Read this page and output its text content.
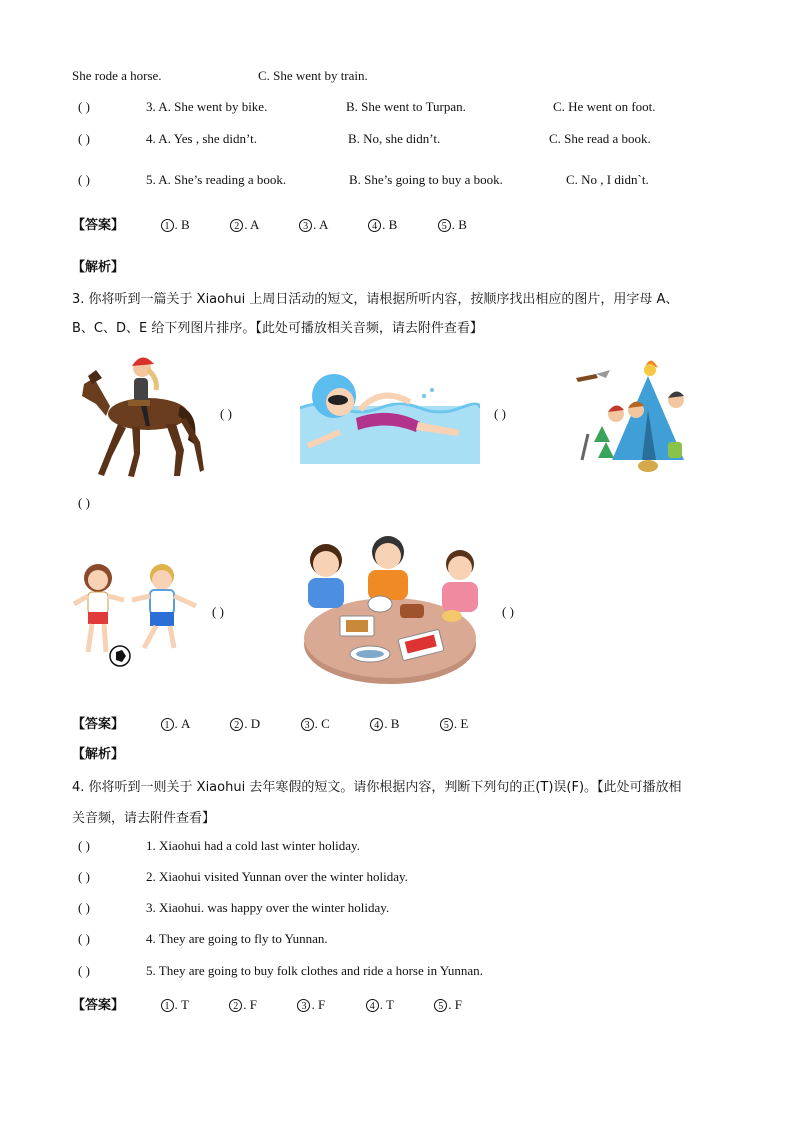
She rode a horse.	C. She went by train.
( )	3. A. She went by bike.	B. She went to Turpan.	C. He went on foot.
( )	4. A. Yes , she didn’t.	B. No, she didn’t.	C. She read a book.
( )	5. A. She’s reading a book.	B. She’s going to buy a book.	C. No , I didn`t.
【答案】	1 . B	2 . A	3 . A	4 . B	5 . B
【解析】
3. 你将听到一篇关于 Xiaohui 上周日活动的短文，请根据所听内容，按顺序找出相应的图片，用字母 A、
B、C、D、E 给下列图片排序。【此处可播放相关音频，请去附件查看】
( )	( )
( )
( )	( )
【答案】	1 . A	2 . D	3 . C	4 . B	5 . E
【解析】
4. 你将听到一则关于 Xiaohui 去年寒假的短文。请你根据内容，判断下列句的正(T)误(F)。【此处可播放相
关音频，请去附件查看】
( )	1. Xiaohui had a cold last winter holiday.
( )	2. Xiaohui visited Yunnan over the winter holiday.
( )	3. Xiaohui. was happy over the winter holiday.
( )	4. They are going to fly to Yunnan.
( )	5. They are going to buy folk clothes and ride a horse in Yunnan.
【答案】	1 . T	2 . F	3 . F	4 . T	5 . F
